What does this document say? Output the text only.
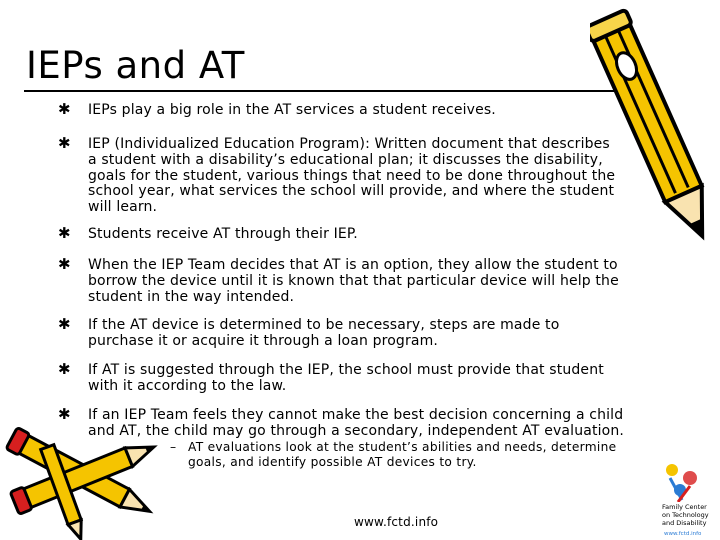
IEPs and AT
✱ IEPs play a big role in the AT services a student receives.
✱ IEP (Individualized Education Program): Written document that describes
a student with a disability’s educational plan; it discusses the disability,
goals for the student, various things that need to be done throughout the
school year, what services the school will provide, and where the student
will learn.
✱ Students receive AT through their IEP.
✱ When the IEP Team decides that AT is an option, they allow the student to
borrow the device until it is known that that particular device will help the
student in the way intended.
✱ If the AT device is determined to be necessary, steps are made to
purchase it or acquire it through a loan program.
✱ If AT is suggested through the IEP, the school must provide that student
with it according to the law.
✱ If an IEP Team feels they cannot make the best decision concerning a child
and AT, the child may go through a secondary, independent AT evaluation.
– AT evaluations look at the student’s abilities and needs, determine
goals, and identify possible AT devices to try.
www.fctd.info
Family Center
on Technology
and Disability
www.fctd.info
